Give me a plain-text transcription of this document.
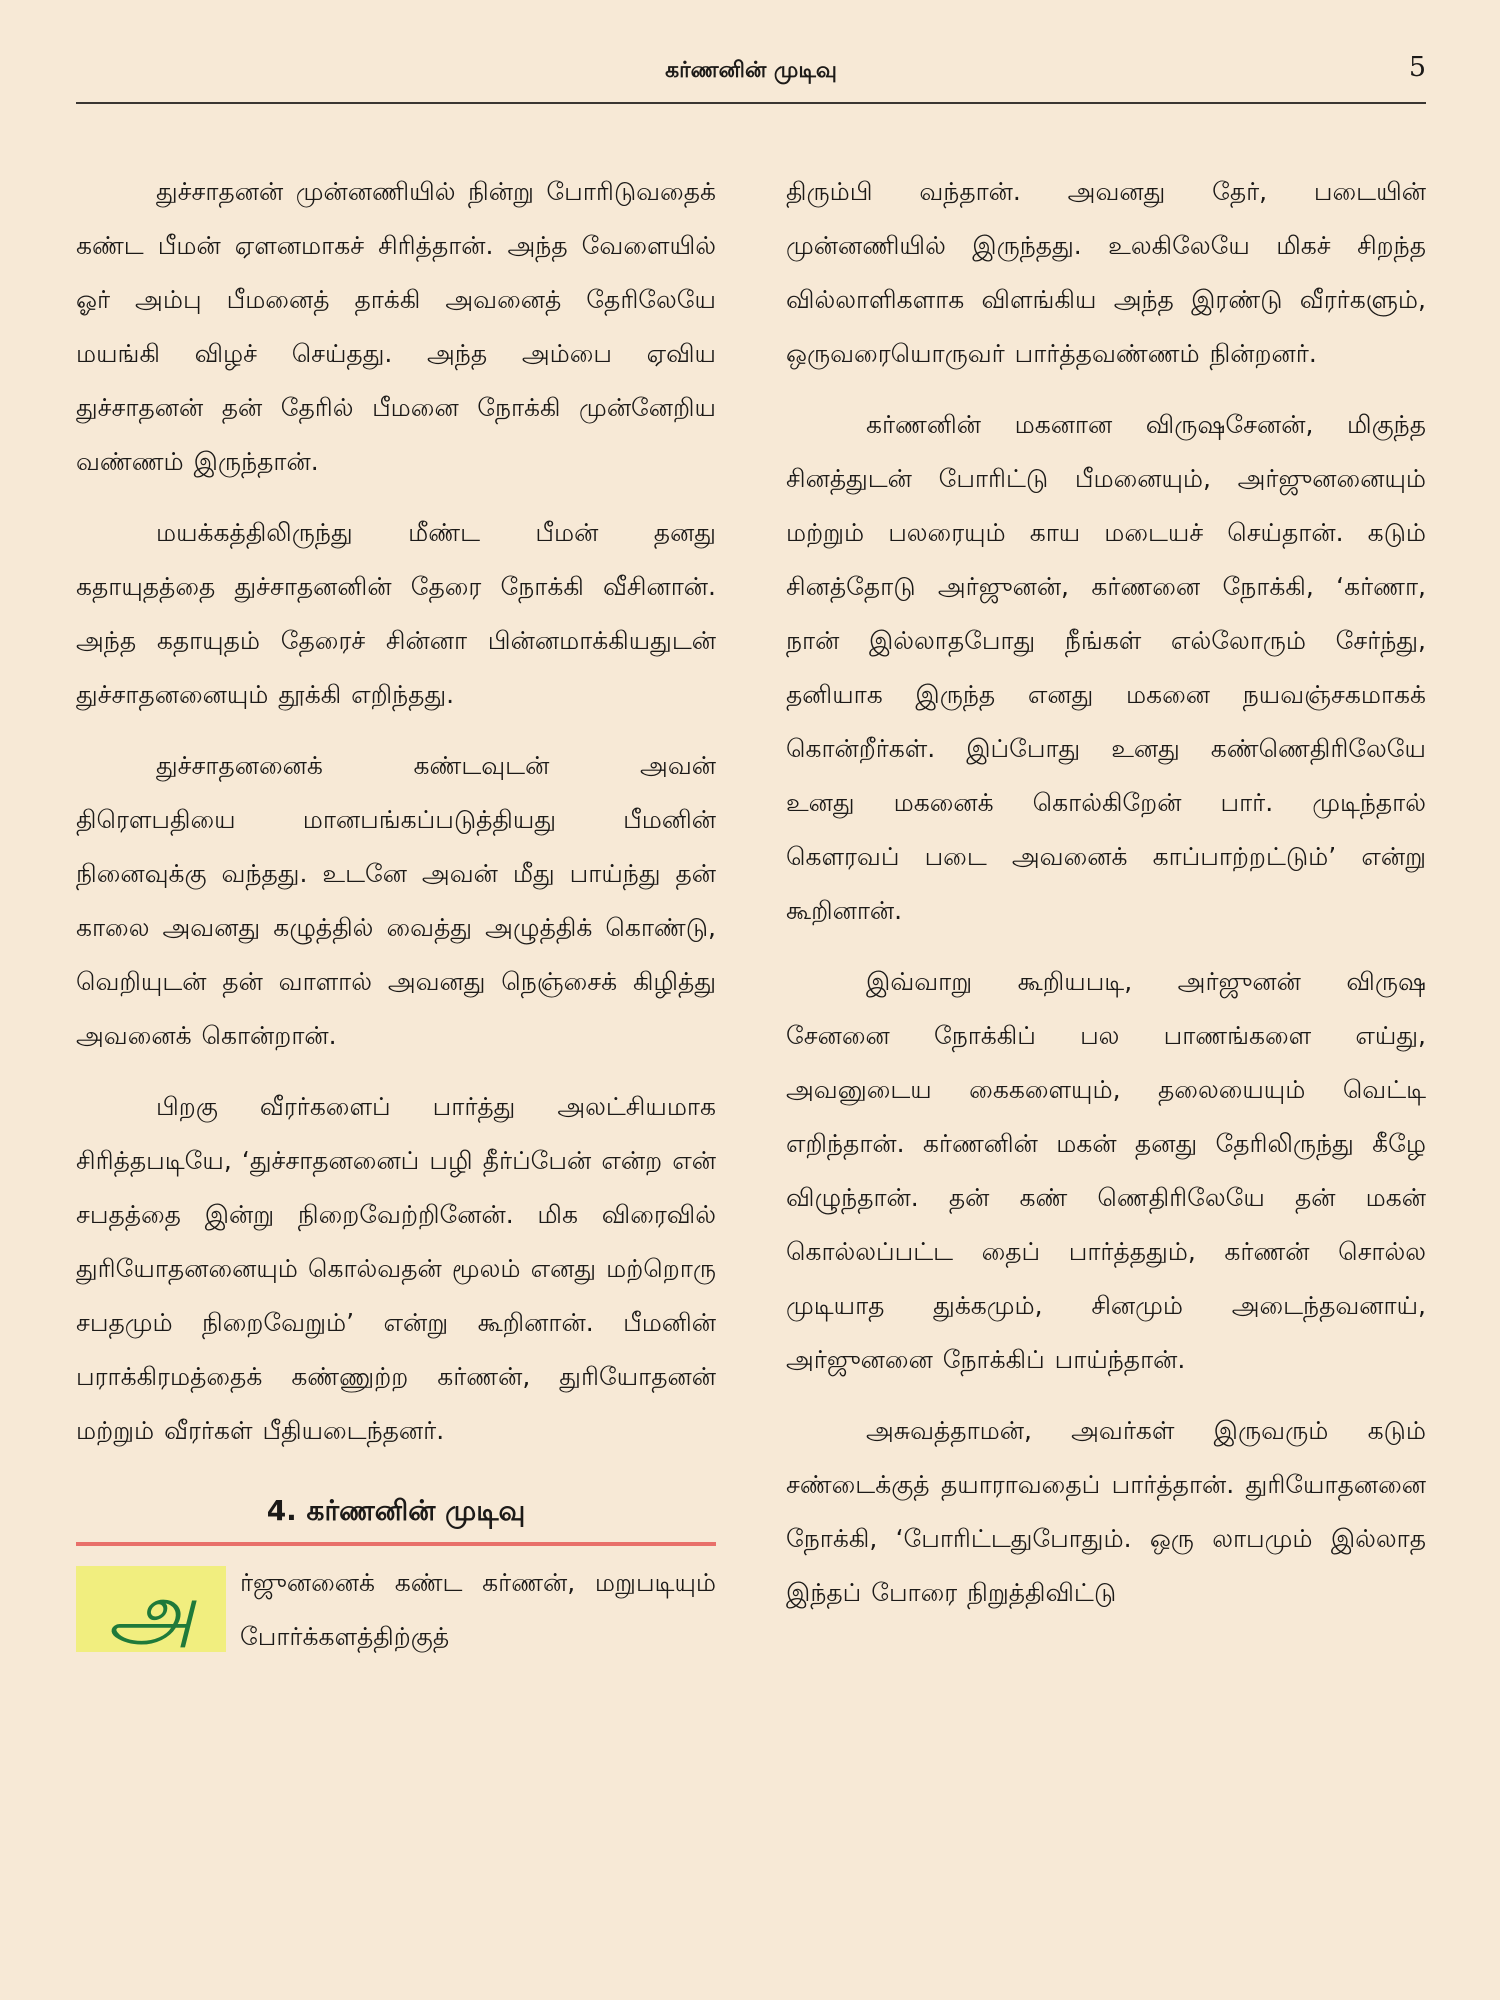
கர்ணனின் முடிவு	5

துச்சாதனன் முன்னணியில் நின்று போரிடுவதைக் கண்ட பீமன் ஏளனமாகச் சிரித்தான். அந்த வேளையில் ஓர் அம்பு பீமனைத் தாக்கி அவனைத் தேரிலேயே மயங்கி விழச் செய்தது. அந்த அம்பை ஏவிய துச்சாதனன் தன் தேரில் பீமனை நோக்கி முன்னேறிய வண்ணம் இருந்தான்.

மயக்கத்திலிருந்து மீண்ட பீமன் தனது கதாயுதத்தை துச்சாதனனின் தேரை நோக்கி வீசினான். அந்த கதாயுதம் தேரைச் சின்னா பின்னமாக்கியதுடன் துச்சாதனனையும் தூக்கி எறிந்தது.

துச்சாதனனைக் கண்டவுடன் அவன் திரௌபதியை மானபங்கப்படுத்தியது பீமனின் நினைவுக்கு வந்தது. உடனே அவன் மீது பாய்ந்து தன் காலை அவனது கழுத்தில் வைத்து அழுத்திக் கொண்டு, வெறியுடன் தன் வாளால் அவனது நெஞ்சைக் கிழித்து அவனைக் கொன்றான்.

பிறகு வீரர்களைப் பார்த்து அலட்சியமாக சிரித்தபடியே, ‘துச்சாதனனைப் பழி தீர்ப்பேன் என்ற என் சபதத்தை இன்று நிறைவேற்றினேன். மிக விரைவில் துரியோதனனையும் கொல்வதன் மூலம் எனது மற்றொரு சபதமும் நிறைவேறும்’ என்று கூறினான். பீமனின் பராக்கிரமத்தைக் கண்ணுற்ற கர்ணன், துரியோதனன் மற்றும் வீரர்கள் பீதியடைந்தனர்.

4. கர்ணனின் முடிவு
அ	ர்ஜுனனைக் கண்ட கர்ணன், மறுபடியும் போர்க்களத்திற்குத்

திரும்பி வந்தான். அவனது தேர், படையின் முன்னணியில் இருந்தது. உலகிலேயே மிகச் சிறந்த வில்லாளிகளாக விளங்கிய அந்த இரண்டு வீரர்களும், ஒருவரையொருவர் பார்த்தவண்ணம் நின்றனர்.

கர்ணனின் மகனான விருஷசேனன், மிகுந்த சினத்துடன் போரிட்டு பீமனையும், அர்ஜுனனையும் மற்றும் பலரையும் காய மடையச் செய்தான். கடும் சினத்தோடு அர்ஜுனன், கர்ணனை நோக்கி, ‘கர்ணா, நான் இல்லாதபோது நீங்கள் எல்லோரும் சேர்ந்து, தனியாக இருந்த எனது மகனை நயவஞ்சகமாகக் கொன்றீர்கள். இப்போது உனது கண்ணெதிரிலேயே உனது மகனைக் கொல்கிறேன் பார். முடிந்தால் கௌரவப் படை அவனைக் காப்பாற்றட்டும்’ என்று கூறினான்.

இவ்வாறு கூறியபடி, அர்ஜுனன் விருஷ சேனனை நோக்கிப் பல பாணங்களை எய்து, அவனுடைய கைகளையும், தலையையும் வெட்டி எறிந்தான். கர்ணனின் மகன் தனது தேரிலிருந்து கீழே விழுந்தான். தன் கண் ணெதிரிலேயே தன் மகன் கொல்லப்பட்ட தைப் பார்த்ததும், கர்ணன் சொல்ல முடியாத துக்கமும், சினமும் அடைந்தவனாய், அர்ஜுனனை நோக்கிப் பாய்ந்தான்.

அசுவத்தாமன், அவர்கள் இருவரும் கடும் சண்டைக்குத் தயாராவதைப் பார்த்தான். துரியோதனனை நோக்கி, ‘போரிட்டதுபோதும். ஒரு லாபமும் இல்லாத இந்தப் போரை நிறுத்திவிட்டு
